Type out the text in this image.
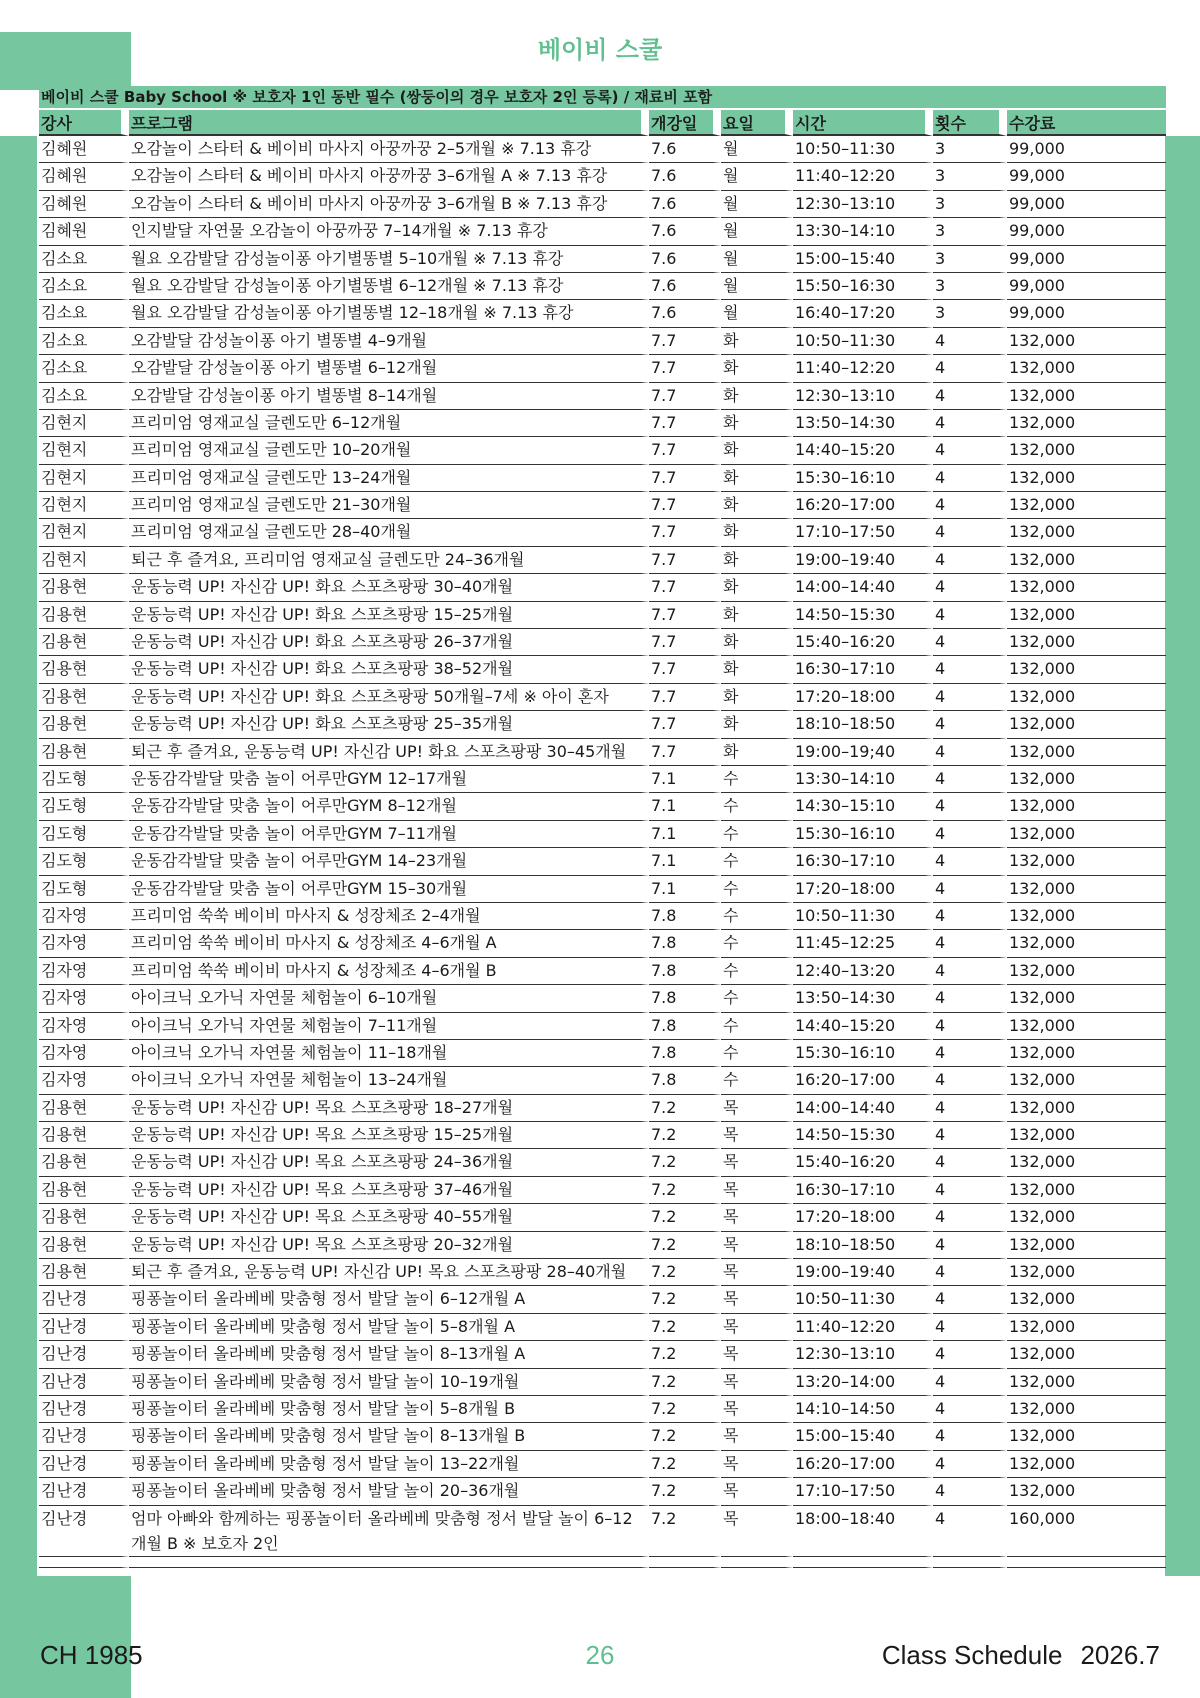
베이비 스쿨
베이비 스쿨 Baby School ※ 보호자 1인 동반 필수 (쌍둥이의 경우 보호자 2인 등록) / 재료비 포함
강사	프로그램	개강일	요일	시간	횟수	수강료
김혜원	오감놀이 스타터 & 베이비 마사지 아꿍까꿍 2–5개월 ※ 7.13 휴강	7.6	월	10:50–11:30	3	99,000
김혜원	오감놀이 스타터 & 베이비 마사지 아꿍까꿍 3–6개월 A ※ 7.13 휴강	7.6	월	11:40–12:20	3	99,000
김혜원	오감놀이 스타터 & 베이비 마사지 아꿍까꿍 3–6개월 B ※ 7.13 휴강	7.6	월	12:30–13:10	3	99,000
김혜원	인지발달 자연물 오감놀이 아꿍까꿍 7–14개월 ※ 7.13 휴강	7.6	월	13:30–14:10	3	99,000
김소요	월요 오감발달 감성놀이퐁 아기별똥별 5–10개월 ※ 7.13 휴강	7.6	월	15:00–15:40	3	99,000
김소요	월요 오감발달 감성놀이퐁 아기별똥별 6–12개월 ※ 7.13 휴강	7.6	월	15:50–16:30	3	99,000
김소요	월요 오감발달 감성놀이퐁 아기별똥별 12–18개월 ※ 7.13 휴강	7.6	월	16:40–17:20	3	99,000
김소요	오감발달 감성놀이퐁 아기 별똥별 4–9개월	7.7	화	10:50–11:30	4	132,000
김소요	오감발달 감성놀이퐁 아기 별똥별 6–12개월	7.7	화	11:40–12:20	4	132,000
김소요	오감발달 감성놀이퐁 아기 별똥별 8–14개월	7.7	화	12:30–13:10	4	132,000
김현지	프리미엄 영재교실 글렌도만 6–12개월	7.7	화	13:50–14:30	4	132,000
김현지	프리미엄 영재교실 글렌도만 10–20개월	7.7	화	14:40–15:20	4	132,000
김현지	프리미엄 영재교실 글렌도만 13–24개월	7.7	화	15:30–16:10	4	132,000
김현지	프리미엄 영재교실 글렌도만 21–30개월	7.7	화	16:20–17:00	4	132,000
김현지	프리미엄 영재교실 글렌도만 28–40개월	7.7	화	17:10–17:50	4	132,000
김현지	퇴근 후 즐겨요, 프리미엄 영재교실 글렌도만 24–36개월	7.7	화	19:00–19:40	4	132,000
김용현	운동능력 UP! 자신감 UP! 화요 스포츠팡팡 30–40개월	7.7	화	14:00–14:40	4	132,000
김용현	운동능력 UP! 자신감 UP! 화요 스포츠팡팡 15–25개월	7.7	화	14:50–15:30	4	132,000
김용현	운동능력 UP! 자신감 UP! 화요 스포츠팡팡 26–37개월	7.7	화	15:40–16:20	4	132,000
김용현	운동능력 UP! 자신감 UP! 화요 스포츠팡팡 38–52개월	7.7	화	16:30–17:10	4	132,000
김용현	운동능력 UP! 자신감 UP! 화요 스포츠팡팡 50개월–7세 ※ 아이 혼자	7.7	화	17:20–18:00	4	132,000
김용현	운동능력 UP! 자신감 UP! 화요 스포츠팡팡 25–35개월	7.7	화	18:10–18:50	4	132,000
김용현	퇴근 후 즐겨요, 운동능력 UP! 자신감 UP! 화요 스포츠팡팡 30–45개월	7.7	화	19:00–19;40	4	132,000
김도형	운동감각발달 맞춤 놀이 어루만GYM 12–17개월	7.1	수	13:30–14:10	4	132,000
김도형	운동감각발달 맞춤 놀이 어루만GYM 8–12개월	7.1	수	14:30–15:10	4	132,000
김도형	운동감각발달 맞춤 놀이 어루만GYM 7–11개월	7.1	수	15:30–16:10	4	132,000
김도형	운동감각발달 맞춤 놀이 어루만GYM 14–23개월	7.1	수	16:30–17:10	4	132,000
김도형	운동감각발달 맞춤 놀이 어루만GYM 15–30개월	7.1	수	17:20–18:00	4	132,000
김자영	프리미엄 쑥쑥 베이비 마사지 & 성장체조 2–4개월	7.8	수	10:50–11:30	4	132,000
김자영	프리미엄 쑥쑥 베이비 마사지 & 성장체조 4–6개월 A	7.8	수	11:45–12:25	4	132,000
김자영	프리미엄 쑥쑥 베이비 마사지 & 성장체조 4–6개월 B	7.8	수	12:40–13:20	4	132,000
김자영	아이크닉 오가닉 자연물 체험놀이 6–10개월	7.8	수	13:50–14:30	4	132,000
김자영	아이크닉 오가닉 자연물 체험놀이 7–11개월	7.8	수	14:40–15:20	4	132,000
김자영	아이크닉 오가닉 자연물 체험놀이 11–18개월	7.8	수	15:30–16:10	4	132,000
김자영	아이크닉 오가닉 자연물 체험놀이 13–24개월	7.8	수	16:20–17:00	4	132,000
김용현	운동능력 UP! 자신감 UP! 목요 스포츠팡팡 18–27개월	7.2	목	14:00–14:40	4	132,000
김용현	운동능력 UP! 자신감 UP! 목요 스포츠팡팡 15–25개월	7.2	목	14:50–15:30	4	132,000
김용현	운동능력 UP! 자신감 UP! 목요 스포츠팡팡 24–36개월	7.2	목	15:40–16:20	4	132,000
김용현	운동능력 UP! 자신감 UP! 목요 스포츠팡팡 37–46개월	7.2	목	16:30–17:10	4	132,000
김용현	운동능력 UP! 자신감 UP! 목요 스포츠팡팡 40–55개월	7.2	목	17:20–18:00	4	132,000
김용현	운동능력 UP! 자신감 UP! 목요 스포츠팡팡 20–32개월	7.2	목	18:10–18:50	4	132,000
김용현	퇴근 후 즐겨요, 운동능력 UP! 자신감 UP! 목요 스포츠팡팡 28–40개월	7.2	목	19:00–19:40	4	132,000
김난경	핑퐁놀이터 올라베베 맞춤형 정서 발달 놀이 6–12개월 A	7.2	목	10:50–11:30	4	132,000
김난경	핑퐁놀이터 올라베베 맞춤형 정서 발달 놀이 5–8개월 A	7.2	목	11:40–12:20	4	132,000
김난경	핑퐁놀이터 올라베베 맞춤형 정서 발달 놀이 8–13개월 A	7.2	목	12:30–13:10	4	132,000
김난경	핑퐁놀이터 올라베베 맞춤형 정서 발달 놀이 10–19개월	7.2	목	13:20–14:00	4	132,000
김난경	핑퐁놀이터 올라베베 맞춤형 정서 발달 놀이 5–8개월 B	7.2	목	14:10–14:50	4	132,000
김난경	핑퐁놀이터 올라베베 맞춤형 정서 발달 놀이 8–13개월 B	7.2	목	15:00–15:40	4	132,000
김난경	핑퐁놀이터 올라베베 맞춤형 정서 발달 놀이 13–22개월	7.2	목	16:20–17:00	4	132,000
김난경	핑퐁놀이터 올라베베 맞춤형 정서 발달 놀이 20–36개월	7.2	목	17:10–17:50	4	132,000
김난경	엄마 아빠와 함께하는 핑퐁놀이터 올라베베 맞춤형 정서 발달 놀이 6–12개월 B ※ 보호자 2인	7.2	목	18:00–18:40	4	160,000

CH 1985	26	Class Schedule 2026.7
